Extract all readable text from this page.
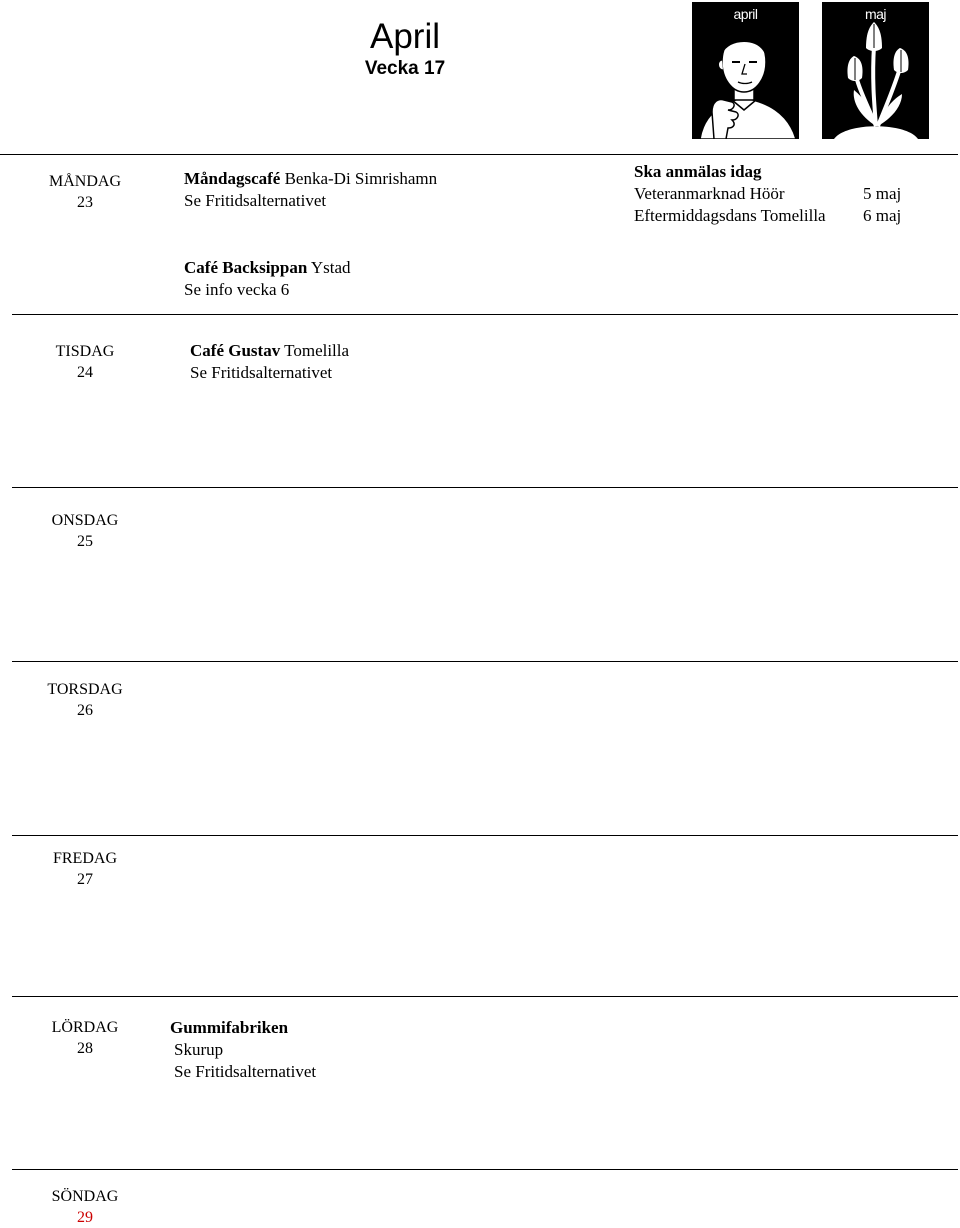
April
Vecka 17
april	maj
MÅNDAG
23
Måndagscafé Benka-Di Simrishamn
Se Fritidsalternativet
Café Backsippan Ystad
Se info vecka 6
Ska anmälas idag
Veteranmarknad Höör	5 maj
Eftermiddagsdans Tomelilla 6 maj
TISDAG
24
Café Gustav Tomelilla
Se Fritidsalternativet
ONSDAG
25
TORSDAG
26
FREDAG
27
LÖRDAG
28
Gummifabriken
Skurup
Se Fritidsalternativet
SÖNDAG
29
